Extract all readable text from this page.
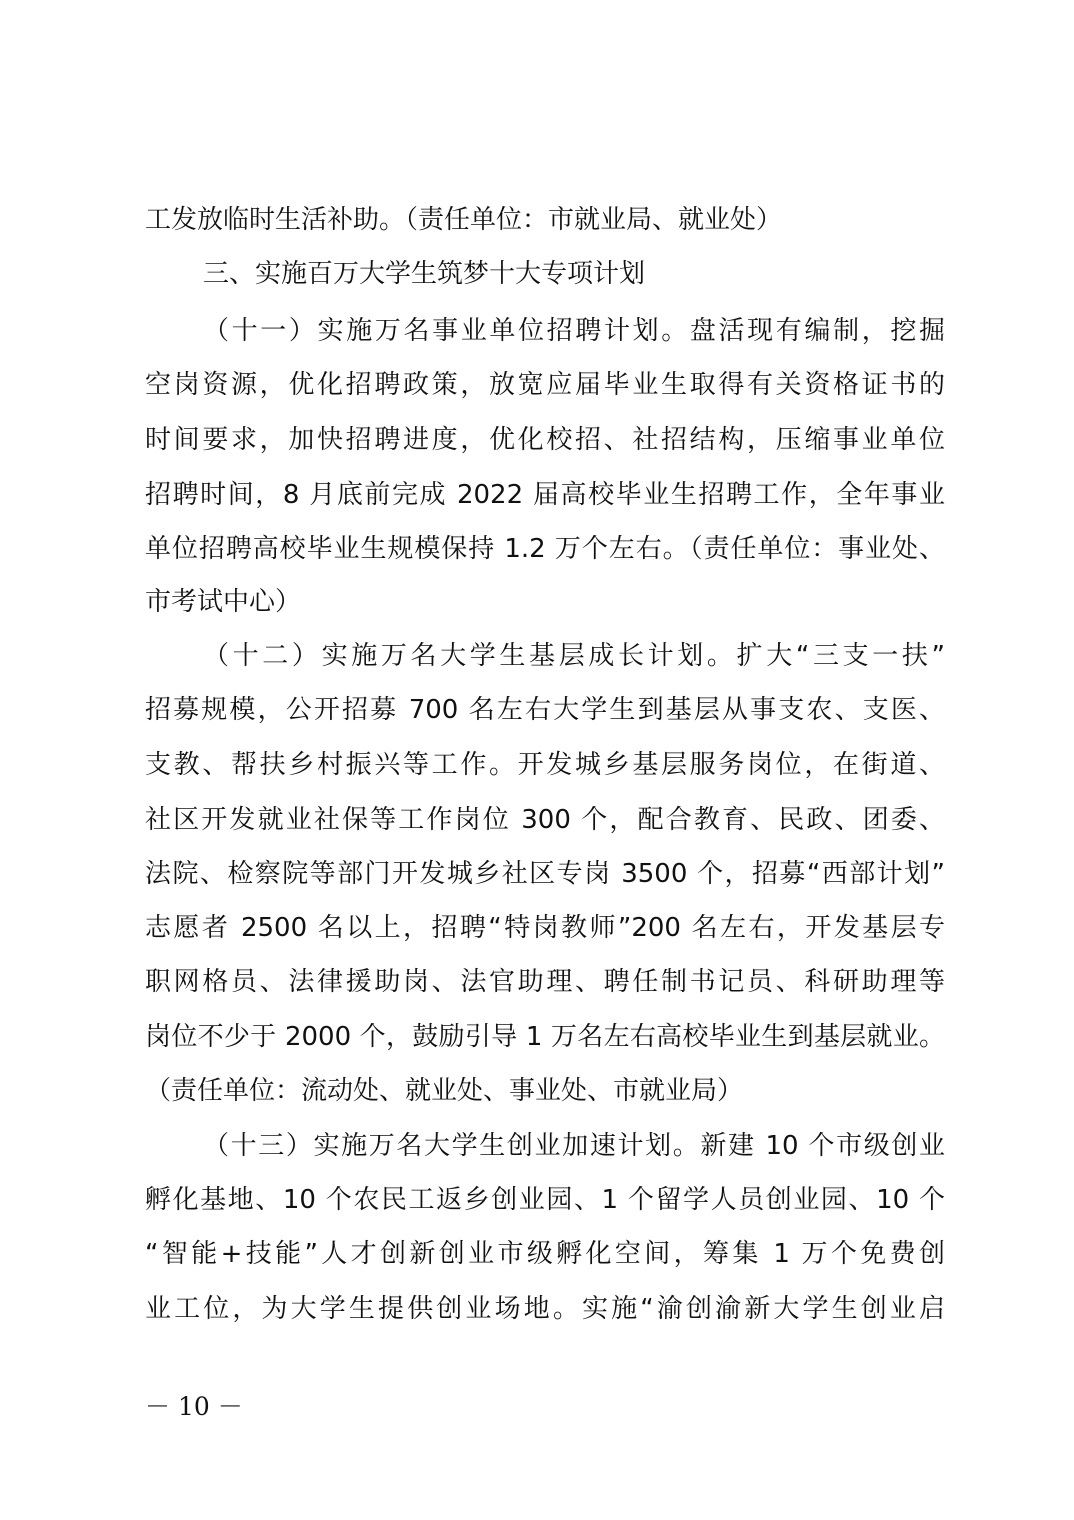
工发放临时生活补助。（责任单位：市就业局、就业处）
三、实施百万大学生筑梦十大专项计划
（十一）实施万名事业单位招聘计划。盘活现有编制，挖掘
空岗资源，优化招聘政策，放宽应届毕业生取得有关资格证书的
时间要求，加快招聘进度，优化校招、社招结构，压缩事业单位
招聘时间，8 月底前完成 2022 届高校毕业生招聘工作，全年事业
单位招聘高校毕业生规模保持 1.2 万个左右。（责任单位：事业处、
市考试中心）
（十二）实施万名大学生基层成长计划。扩大“三支一扶”
招募规模，公开招募 700 名左右大学生到基层从事支农、支医、
支教、帮扶乡村振兴等工作。开发城乡基层服务岗位，在街道、
社区开发就业社保等工作岗位 300 个，配合教育、民政、团委、
法院、检察院等部门开发城乡社区专岗 3500 个，招募“西部计划”
志愿者 2500 名以上，招聘“特岗教师”200 名左右，开发基层专
职网格员、法律援助岗、法官助理、聘任制书记员、科研助理等
岗位不少于 2000 个，鼓励引导 1 万名左右高校毕业生到基层就业。
（责任单位：流动处、就业处、事业处、市就业局）
（十三）实施万名大学生创业加速计划。新建 10 个市级创业
孵化基地、10 个农民工返乡创业园、1 个留学人员创业园、10 个
“智能+技能”人才创新创业市级孵化空间，筹集 1 万个免费创
业工位，为大学生提供创业场地。实施“渝创渝新大学生创业启
－ 10 －
